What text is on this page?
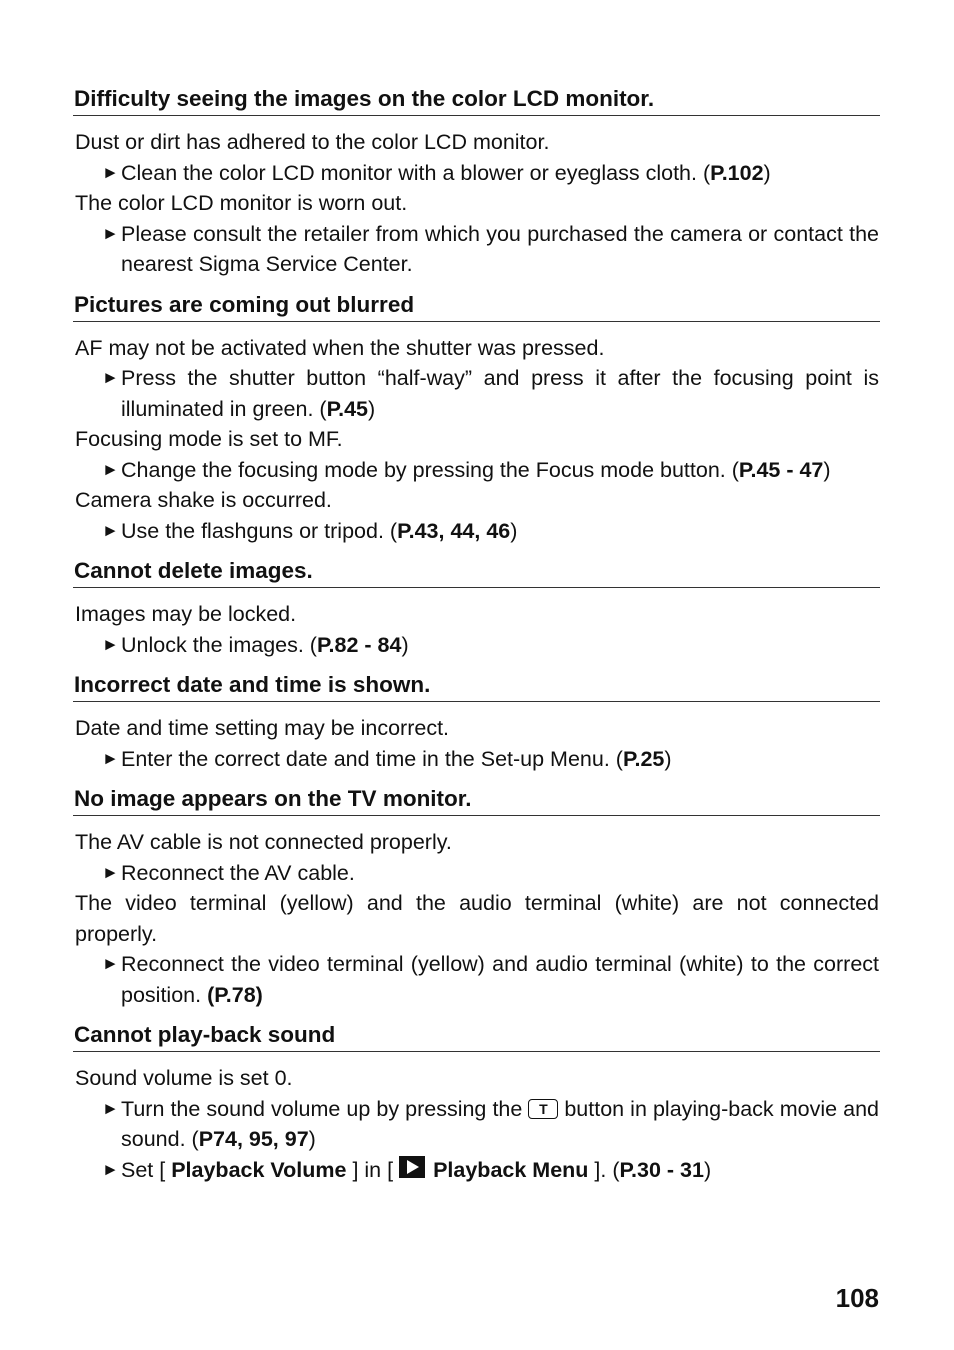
Difficulty seeing the images on the color LCD monitor.
Dust or dirt has adhered to the color LCD monitor.
► Clean the color LCD monitor with a blower or eyeglass cloth. (P.102)
The color LCD monitor is worn out.
► Please consult the retailer from which you purchased the camera or contact the nearest Sigma Service Center.
Pictures are coming out blurred
AF may not be activated when the shutter was pressed.
► Press the shutter button “half-way” and press it after the focusing point is illuminated in green. (P.45)
Focusing mode is set to MF.
► Change the focusing mode by pressing the Focus mode button. (P.45 - 47)
Camera shake is occurred.
► Use the flashguns or tripod. (P.43, 44, 46)
Cannot delete images.
Images may be locked.
► Unlock the images. (P.82 - 84)
Incorrect date and time is shown.
Date and time setting may be incorrect.
► Enter the correct date and time in the Set-up Menu. (P.25)
No image appears on the TV monitor.
The AV cable is not connected properly.
► Reconnect the AV cable.
The video terminal (yellow) and the audio terminal (white) are not connected properly.
► Reconnect the video terminal (yellow) and audio terminal (white) to the correct position. (P.78)
Cannot play-back sound
Sound volume is set 0.
► Turn the sound volume up by pressing the T button in playing-back movie and sound. (P74, 95, 97)
► Set [ Playback Volume ] in [ Playback Menu ]. (P.30 - 31)
108
